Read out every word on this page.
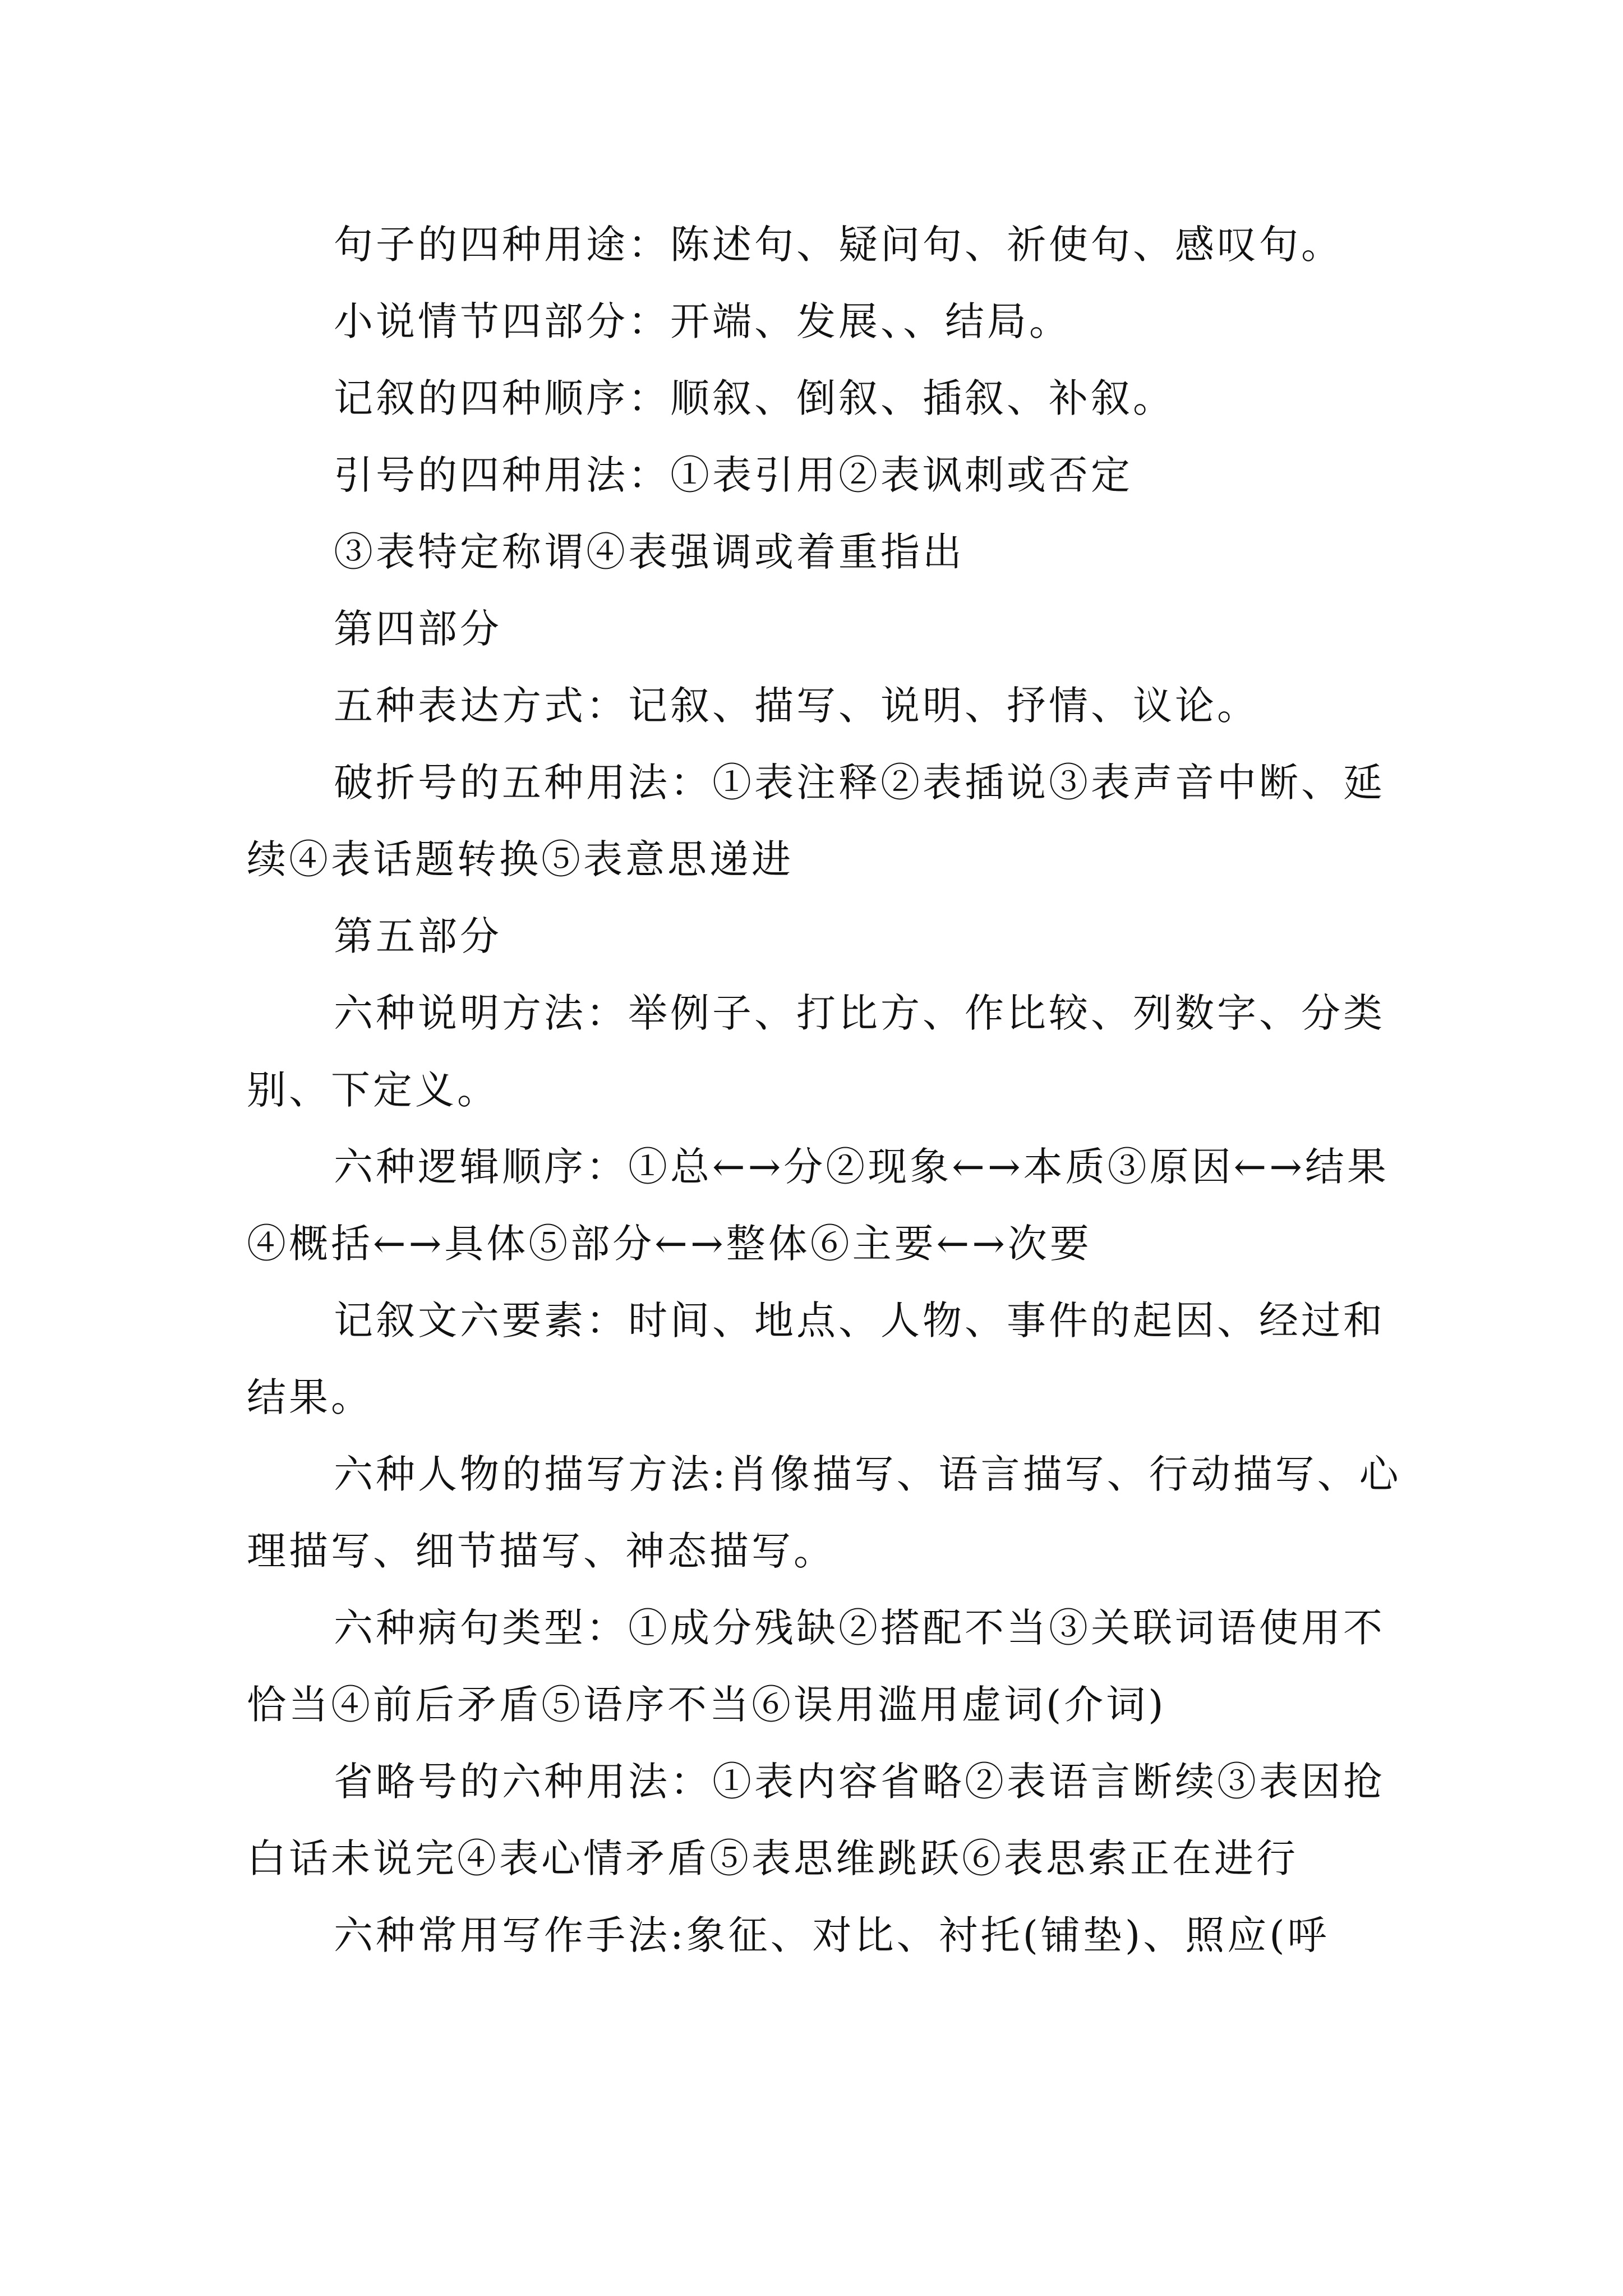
句子的四种用途：陈述句、疑问句、祈使句、感叹句。

小说情节四部分：开端、发展、、结局。

记叙的四种顺序：顺叙、倒叙、插叙、补叙。

引号的四种用法：①表引用②表讽刺或否定

③表特定称谓④表强调或着重指出

第四部分

五种表达方式：记叙、描写、说明、抒情、议论。

破折号的五种用法：①表注释②表插说③表声音中断、延续④表话题转换⑤表意思递进

第五部分

六种说明方法：举例子、打比方、作比较、列数字、分类别、下定义。

六种逻辑顺序：①总←→分②现象←→本质③原因←→结果④概括←→具体⑤部分←→整体⑥主要←→次要

记叙文六要素：时间、地点、人物、事件的起因、经过和结果。

六种人物的描写方法:肖像描写、语言描写、行动描写、心理描写、细节描写、神态描写。

六种病句类型：①成分残缺②搭配不当③关联词语使用不恰当④前后矛盾⑤语序不当⑥误用滥用虚词(介词)

省略号的六种用法：①表内容省略②表语言断续③表因抢白话未说完④表心情矛盾⑤表思维跳跃⑥表思索正在进行

六种常用写作手法:象征、对比、衬托(铺垫)、照应(呼
